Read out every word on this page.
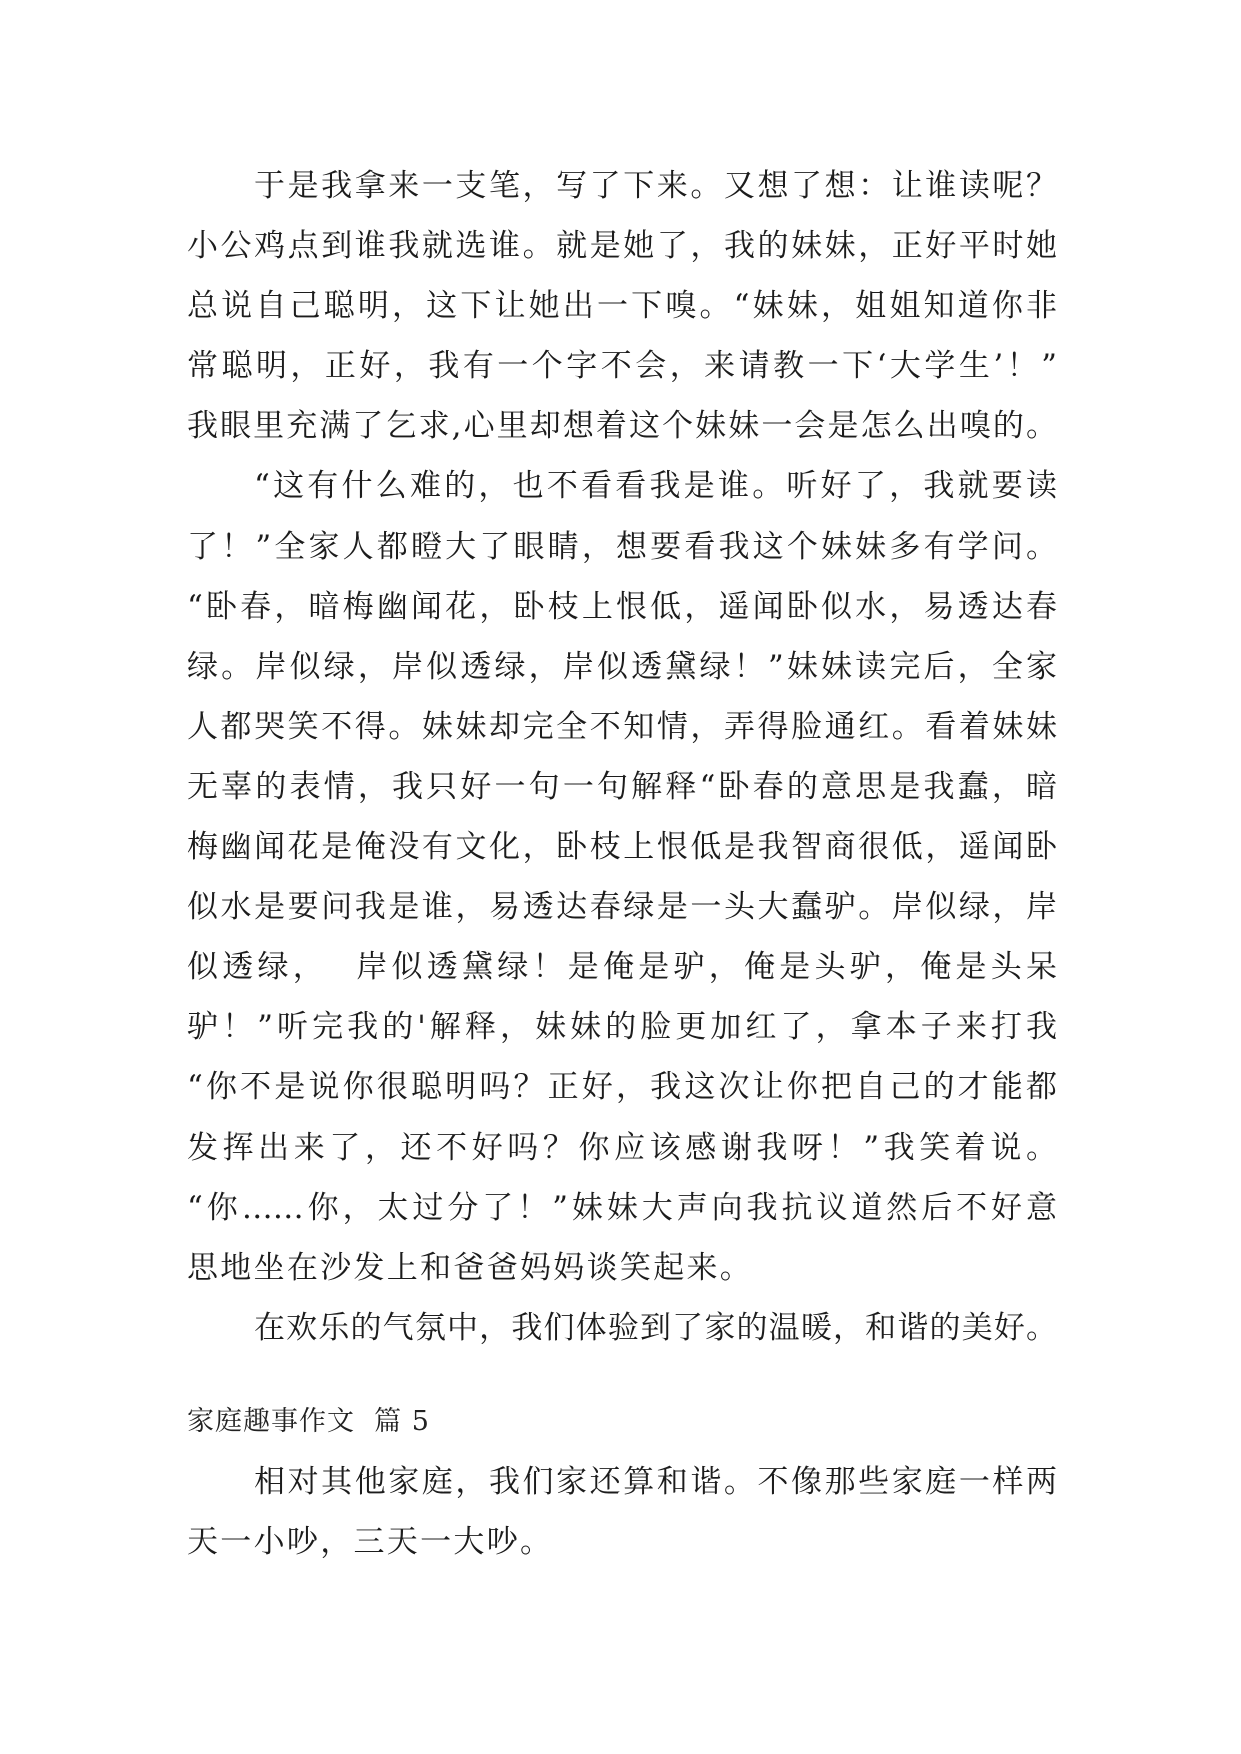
于是我拿来一支笔，写了下来。又想了想：让谁读呢？
小公鸡点到谁我就选谁。就是她了，我的妹妹，正好平时她
总说自己聪明，这下让她出一下嗅。“妹妹，姐姐知道你非
常聪明，正好，我有一个字不会，来请教一下‘大学生’！”
我眼里充满了乞求,心里却想着这个妹妹一会是怎么出嗅的。
“这有什么难的，也不看看我是谁。听好了，我就要读
了！”全家人都瞪大了眼睛，想要看我这个妹妹多有学问。
“卧春，暗梅幽闻花，卧枝上恨低，遥闻卧似水，易透达春
绿。岸似绿，岸似透绿，岸似透黛绿！”妹妹读完后，全家
人都哭笑不得。妹妹却完全不知情，弄得脸通红。看着妹妹
无辜的表情，我只好一句一句解释“卧春的意思是我蠢，暗
梅幽闻花是俺没有文化，卧枝上恨低是我智商很低，遥闻卧
似水是要问我是谁，易透达春绿是一头大蠢驴。岸似绿，岸
似透绿，  岸似透黛绿！是俺是驴，俺是头驴，俺是头呆
驴！”听完我的'解释，妹妹的脸更加红了，拿本子来打我
“你不是说你很聪明吗？正好，我这次让你把自己的才能都
发挥出来了，还不好吗？你应该感谢我呀！”我笑着说。
“你……你，太过分了！”妹妹大声向我抗议道然后不好意
思地坐在沙发上和爸爸妈妈谈笑起来。
在欢乐的气氛中，我们体验到了家的温暖，和谐的美好。
家庭趣事作文  篇 5
相对其他家庭，我们家还算和谐。不像那些家庭一样两
天一小吵，三天一大吵。
